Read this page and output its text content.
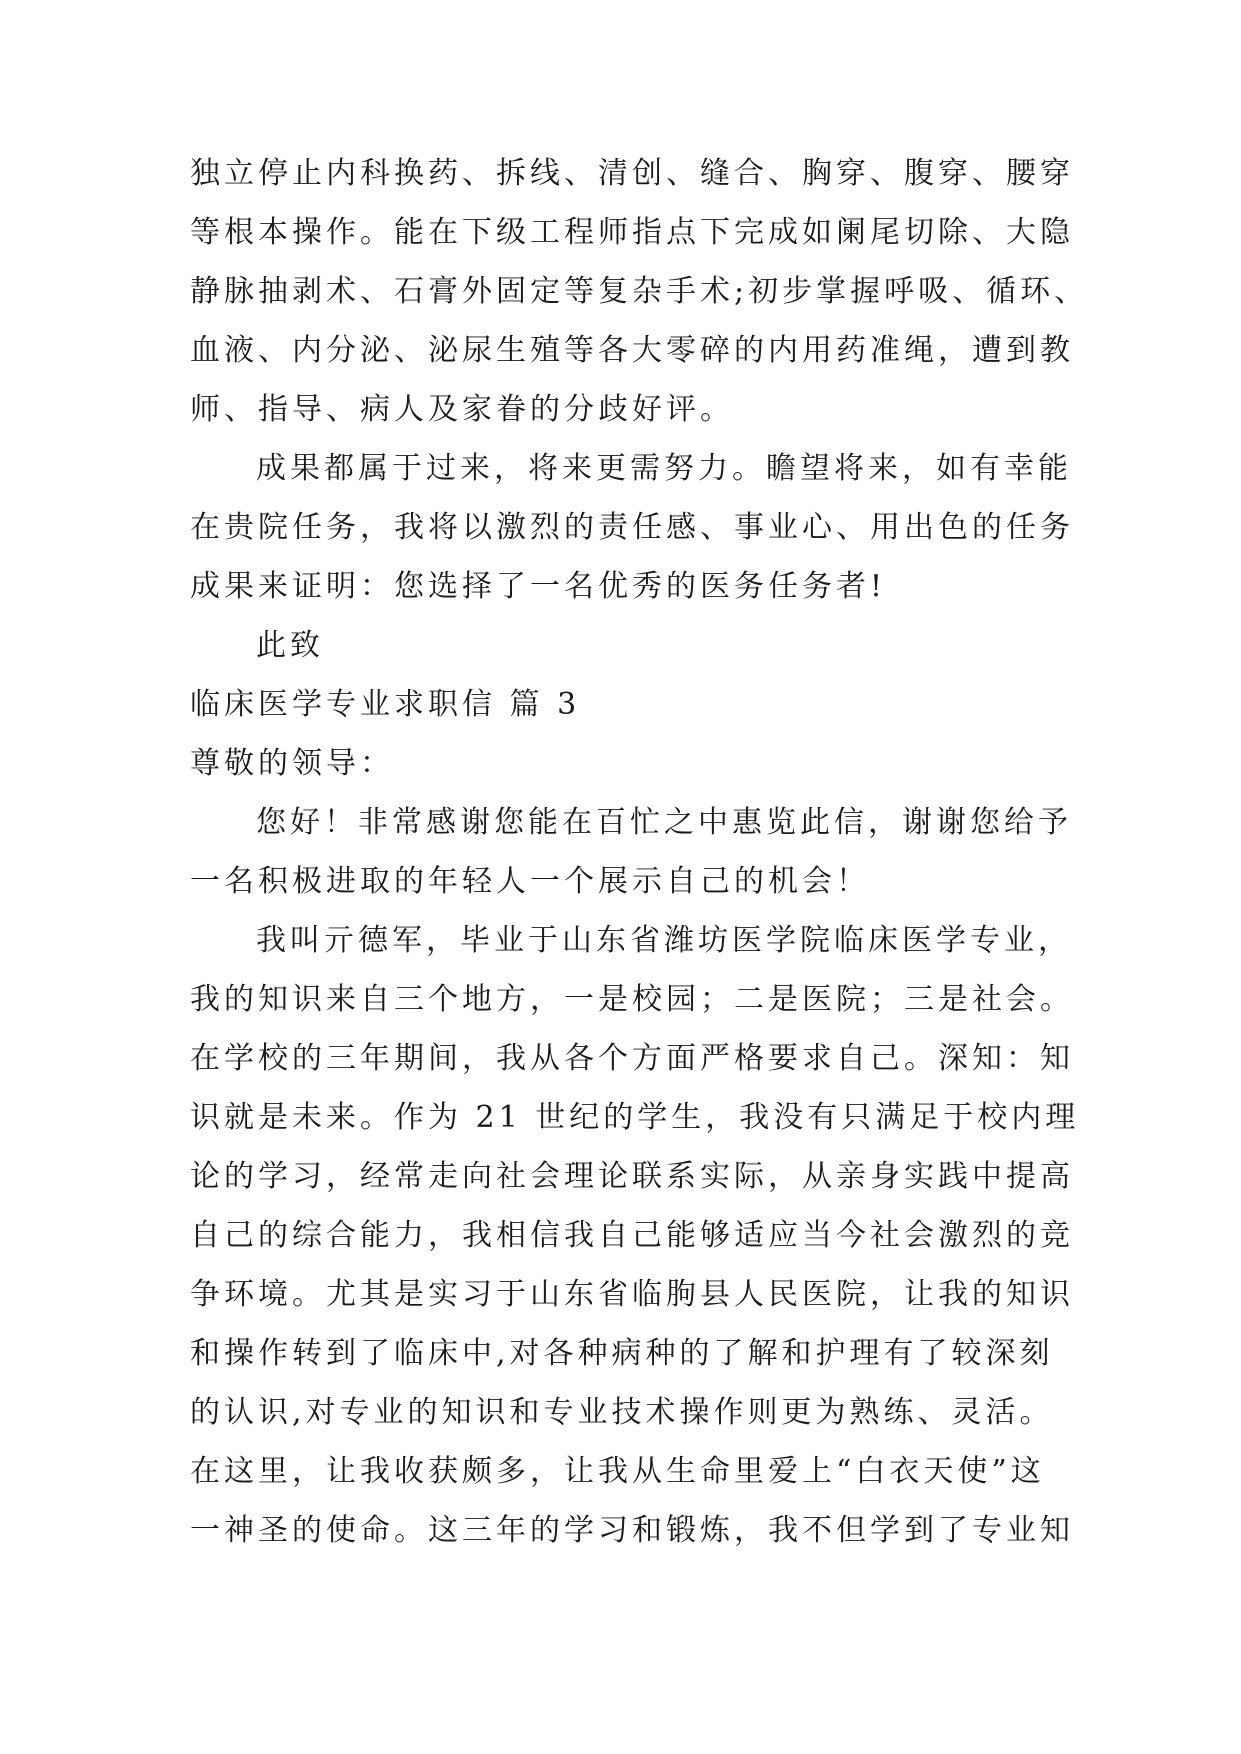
独立停止内科换药、拆线、清创、缝合、胸穿、腹穿、腰穿
等根本操作。能在下级工程师指点下完成如阑尾切除、大隐
静脉抽剥术、石膏外固定等复杂手术;初步掌握呼吸、循环、
血液、内分泌、泌尿生殖等各大零碎的内用药准绳，遭到教
师、指导、病人及家眷的分歧好评。
成果都属于过来，将来更需努力。瞻望将来，如有幸能
在贵院任务，我将以激烈的责任感、事业心、用出色的任务
成果来证明：您选择了一名优秀的医务任务者!
此致
临床医学专业求职信 篇 3
尊敬的领导：
您好！非常感谢您能在百忙之中惠览此信，谢谢您给予
一名积极进取的年轻人一个展示自己的机会！
我叫亓德军，毕业于山东省潍坊医学院临床医学专业，
我的知识来自三个地方，一是校园；二是医院；三是社会。
在学校的三年期间，我从各个方面严格要求自己。深知：知
识就是未来。作为 21 世纪的学生，我没有只满足于校内理
论的学习，经常走向社会理论联系实际，从亲身实践中提高
自己的综合能力，我相信我自己能够适应当今社会激烈的竞
争环境。尤其是实习于山东省临朐县人民医院，让我的知识
和操作转到了临床中,对各种病种的了解和护理有了较深刻
的认识,对专业的知识和专业技术操作则更为熟练、灵活。
在这里，让我收获颇多，让我从生命里爱上“白衣天使”这
一神圣的使命。这三年的学习和锻炼，我不但学到了专业知
